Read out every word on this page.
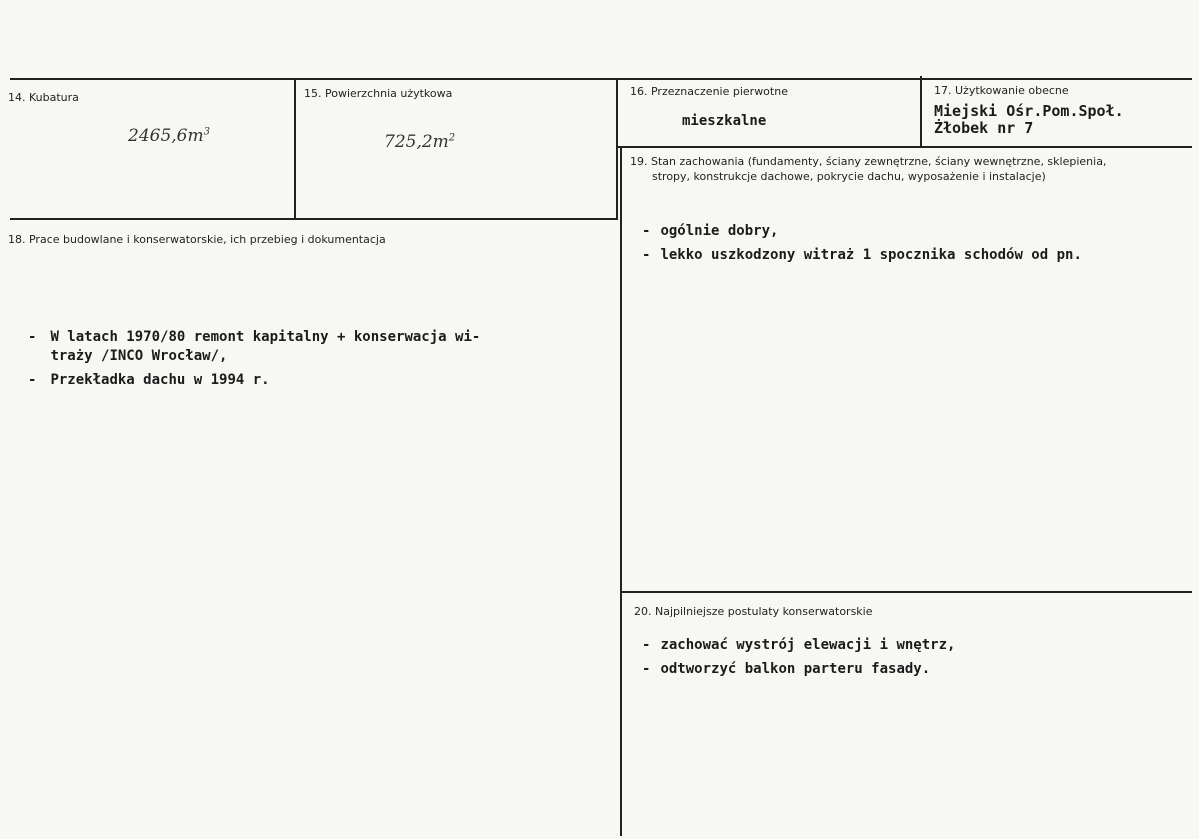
14. Kubatura
$2465,6m^3$
15. Powierzchnia użytkowa
$725,2m^2$
16. Przeznaczenie pierwotne
mieszkalne
17. Użytkowanie obecne
Miejski Ośr.Pom.Społ.
Żłobek nr 7
18. Prace budowlane i konserwatorskie, ich przebieg i dokumentacja
- W latach 1970/80 remont kapitalny + konserwacja wi-
traży /INCO Wrocław/,
- Przekładka dachu w 1994 r.
19. Stan zachowania (fundamenty, ściany zewnętrzne, ściany wewnętrzne, sklepienia,
stropy, konstrukcje dachowe, pokrycie dachu, wyposażenie i instalacje)
- ogólnie dobry,
- lekko uszkodzony witraż 1 spocznika schodów od pn.
20. Najpilniejsze postulaty konserwatorskie
- zachować wystrój elewacji i wnętrz,
- odtworzyć balkon parteru fasady.
